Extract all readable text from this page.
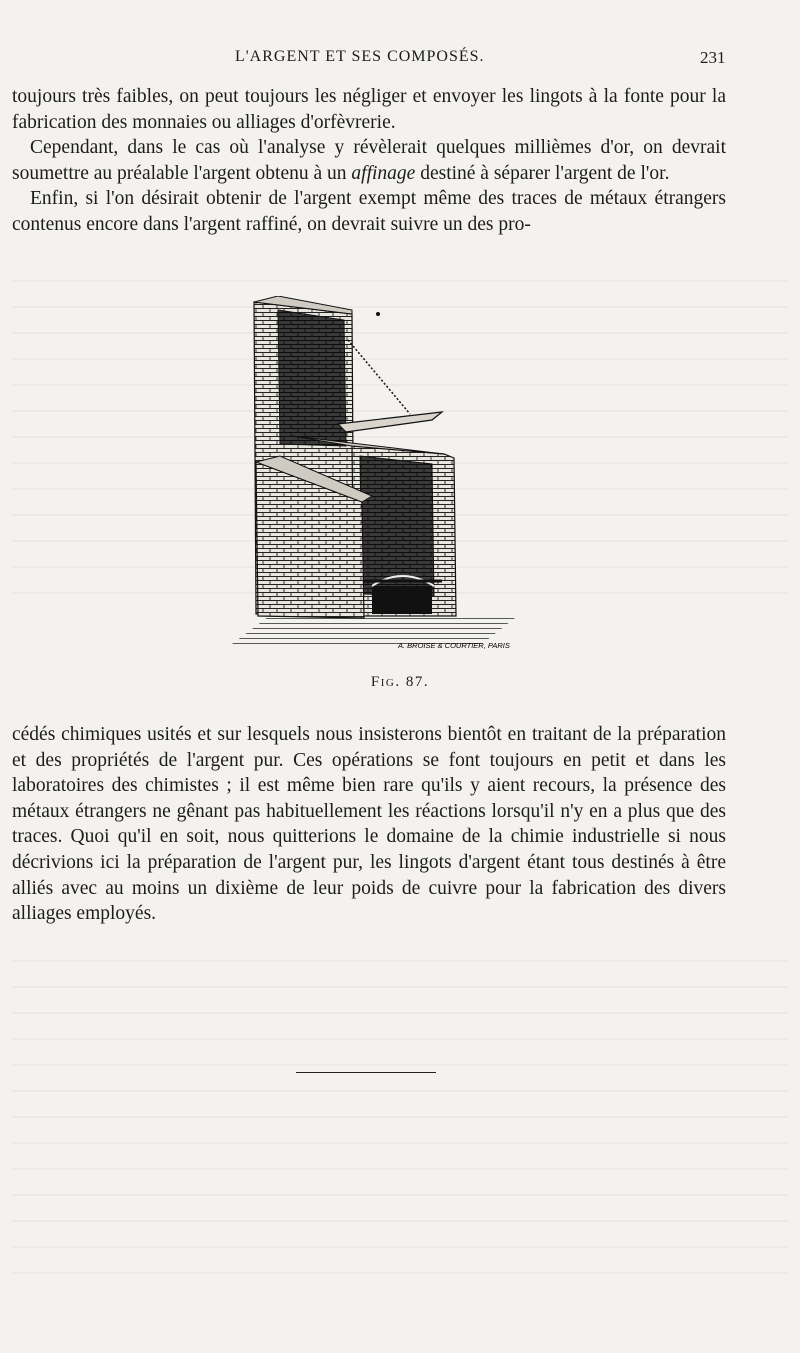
L'ARGENT ET SES COMPOSÉS.	231

toujours très faibles, on peut toujours les négliger et envoyer les lingots à la fonte pour la fabrication des monnaies ou alliages d'orfèvrerie.

Cependant, dans le cas où l'analyse y révèlerait quelques millièmes d'or, on devrait soumettre au préalable l'argent obtenu à un affinage destiné à séparer l'argent de l'or.

Enfin, si l'on désirait obtenir de l'argent exempt même des traces de métaux étrangers contenus encore dans l'argent raffiné, on devrait suivre un des pro-

A. BROISE & COURTIER, PARIS
Fig. 87.

cédés chimiques usités et sur lesquels nous insisterons bientôt en traitant de la préparation et des propriétés de l'argent pur. Ces opérations se font toujours en petit et dans les laboratoires des chimistes ; il est même bien rare qu'ils y aient recours, la présence des métaux étrangers ne gênant pas habituellement les réactions lorsqu'il n'y en a plus que des traces. Quoi qu'il en soit, nous quitterions le domaine de la chimie industrielle si nous décrivions ici la préparation de l'argent pur, les lingots d'argent étant tous destinés à être alliés avec au moins un dixième de leur poids de cuivre pour la fabrication des divers alliages employés.
